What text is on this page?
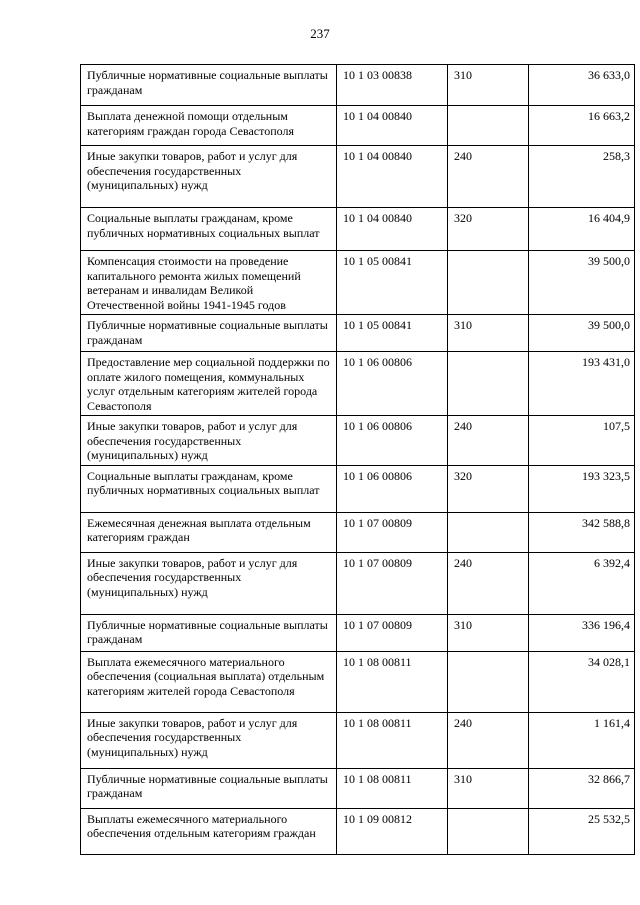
237
Публичные нормативные социальные выплаты гражданам	10 1 03 00838	310	36 633,0
Выплата денежной помощи отдельным категориям граждан города Севастополя	10 1 04 00840		16 663,2
Иные закупки товаров, работ и услуг для обеспечения государственных (муниципальных) нужд	10 1 04 00840	240	258,3
Социальные выплаты гражданам, кроме публичных нормативных социальных выплат	10 1 04 00840	320	16 404,9
Компенсация стоимости на проведение капитального ремонта жилых помещений ветеранам и инвалидам Великой Отечественной войны 1941-1945 годов	10 1 05 00841		39 500,0
Публичные нормативные социальные выплаты гражданам	10 1 05 00841	310	39 500,0
Предоставление мер социальной поддержки по оплате жилого помещения, коммунальных услуг отдельным категориям жителей города Севастополя	10 1 06 00806		193 431,0
Иные закупки товаров, работ и услуг для обеспечения государственных (муниципальных) нужд	10 1 06 00806	240	107,5
Социальные выплаты гражданам, кроме публичных нормативных социальных выплат	10 1 06 00806	320	193 323,5
Ежемесячная денежная выплата отдельным категориям граждан	10 1 07 00809		342 588,8
Иные закупки товаров, работ и услуг для обеспечения государственных (муниципальных) нужд	10 1 07 00809	240	6 392,4
Публичные нормативные социальные выплаты гражданам	10 1 07 00809	310	336 196,4
Выплата ежемесячного материального обеспечения (социальная выплата) отдельным категориям жителей города Севастополя	10 1 08 00811		34 028,1
Иные закупки товаров, работ и услуг для обеспечения государственных (муниципальных) нужд	10 1 08 00811	240	1 161,4
Публичные нормативные социальные выплаты гражданам	10 1 08 00811	310	32 866,7
Выплаты ежемесячного материального обеспечения отдельным категориям граждан	10 1 09 00812		25 532,5
